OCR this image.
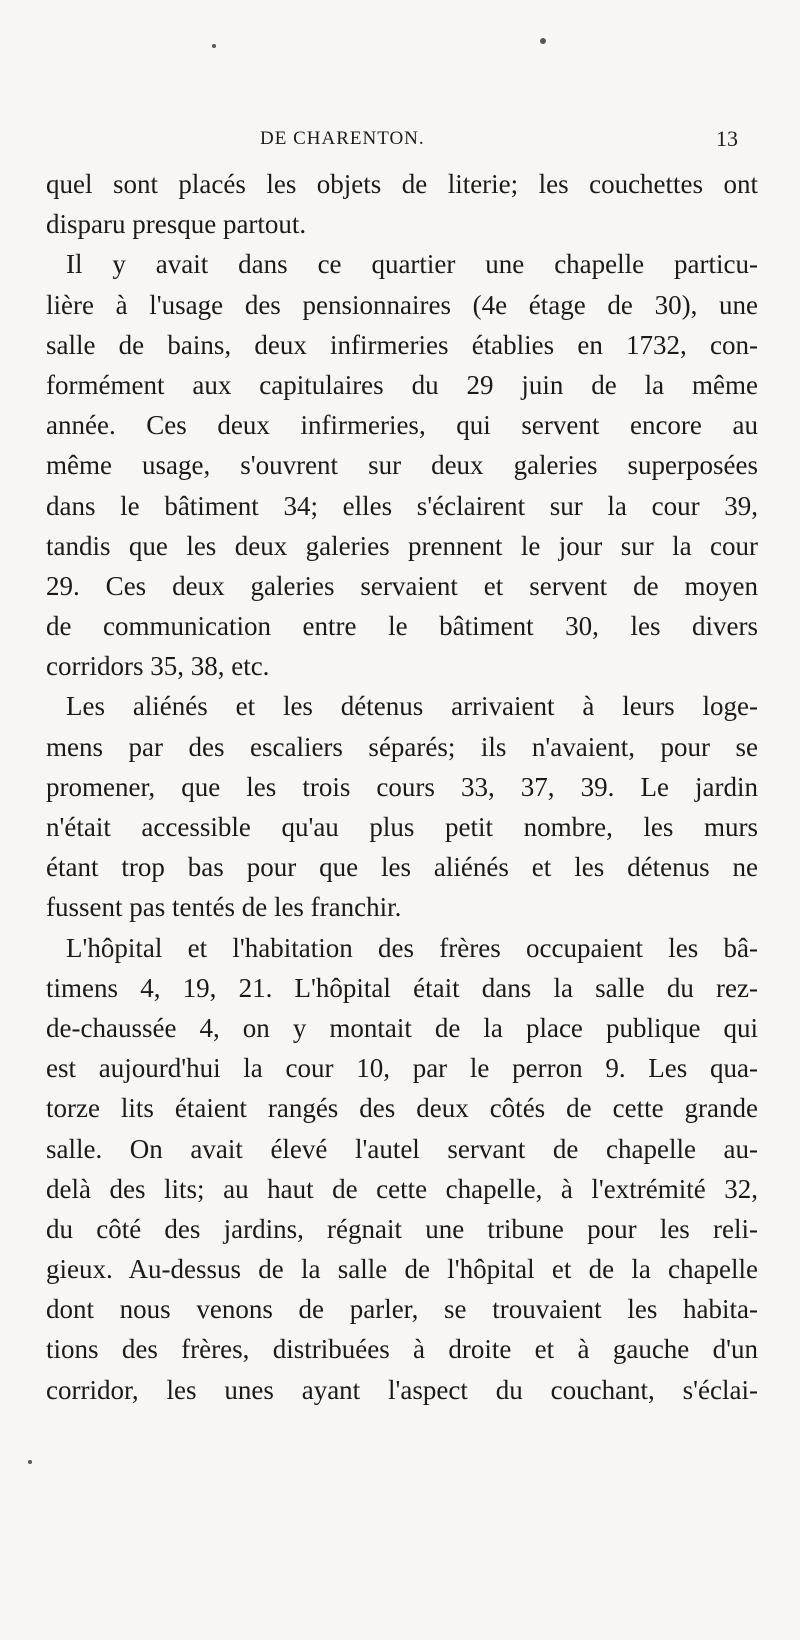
DE CHARENTON.	13
quel sont placés les objets de literie; les couchettes ont
disparu presque partout.
Il y avait dans ce quartier une chapelle particu-
lière à l'usage des pensionnaires (4e étage de 30), une
salle de bains, deux infirmeries établies en 1732, con-
formément aux capitulaires du 29 juin de la même
année. Ces deux infirmeries, qui servent encore au
même usage, s'ouvrent sur deux galeries superposées
dans le bâtiment 34; elles s'éclairent sur la cour 39,
tandis que les deux galeries prennent le jour sur la cour
29. Ces deux galeries servaient et servent de moyen
de communication entre le bâtiment 30, les divers
corridors 35, 38, etc.
Les aliénés et les détenus arrivaient à leurs loge-
mens par des escaliers séparés; ils n'avaient, pour se
promener, que les trois cours 33, 37, 39. Le jardin
n'était accessible qu'au plus petit nombre, les murs
étant trop bas pour que les aliénés et les détenus ne
fussent pas tentés de les franchir.
L'hôpital et l'habitation des frères occupaient les bâ-
timens 4, 19, 21. L'hôpital était dans la salle du rez-
de-chaussée 4, on y montait de la place publique qui
est aujourd'hui la cour 10, par le perron 9. Les qua-
torze lits étaient rangés des deux côtés de cette grande
salle. On avait élevé l'autel servant de chapelle au-
delà des lits; au haut de cette chapelle, à l'extrémité 32,
du côté des jardins, régnait une tribune pour les reli-
gieux. Au-dessus de la salle de l'hôpital et de la chapelle
dont nous venons de parler, se trouvaient les habita-
tions des frères, distribuées à droite et à gauche d'un
corridor, les unes ayant l'aspect du couchant, s'éclai-
